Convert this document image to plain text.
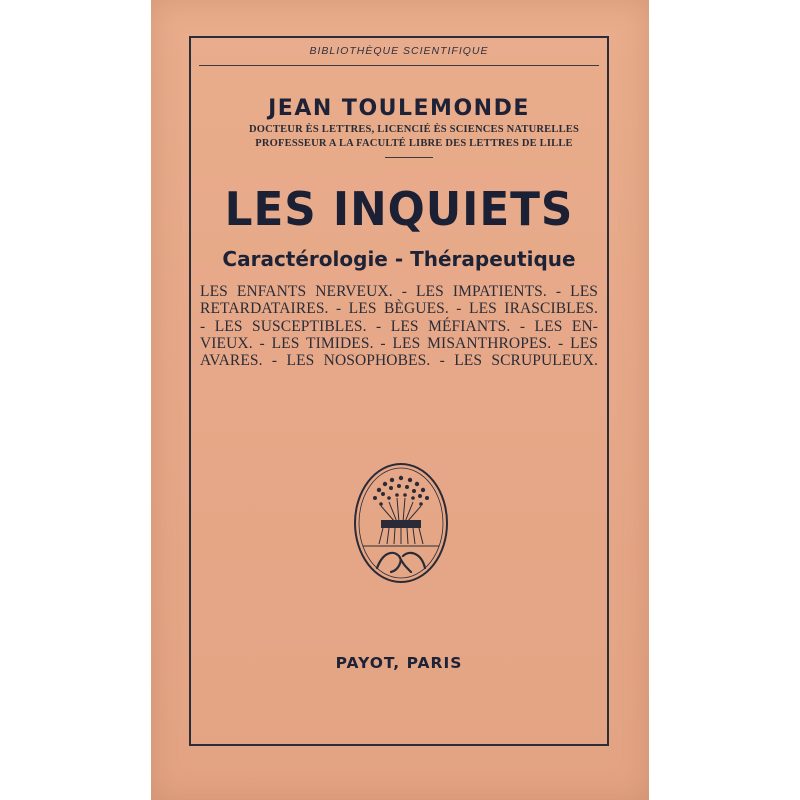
BIBLIOTHÈQUE SCIENTIFIQUE
JEAN TOULEMONDE
DOCTEUR ÈS LETTRES, LICENCIÉ ÈS SCIENCES NATURELLES
PROFESSEUR A LA FACULTÉ LIBRE DES LETTRES DE LILLE
LES INQUIETS
Caractérologie - Thérapeutique
LES ENFANTS NERVEUX. - LES IMPATIENTS. - LES
RETARDATAIRES. - LES BÈGUES. - LES IRASCIBLES.
- LES SUSCEPTIBLES. - LES MÉFIANTS. - LES EN-
VIEUX. - LES TIMIDES. - LES MISANTHROPES. - LES
AVARES. - LES NOSOPHOBES. - LES SCRUPULEUX.
PAYOT, PARIS
